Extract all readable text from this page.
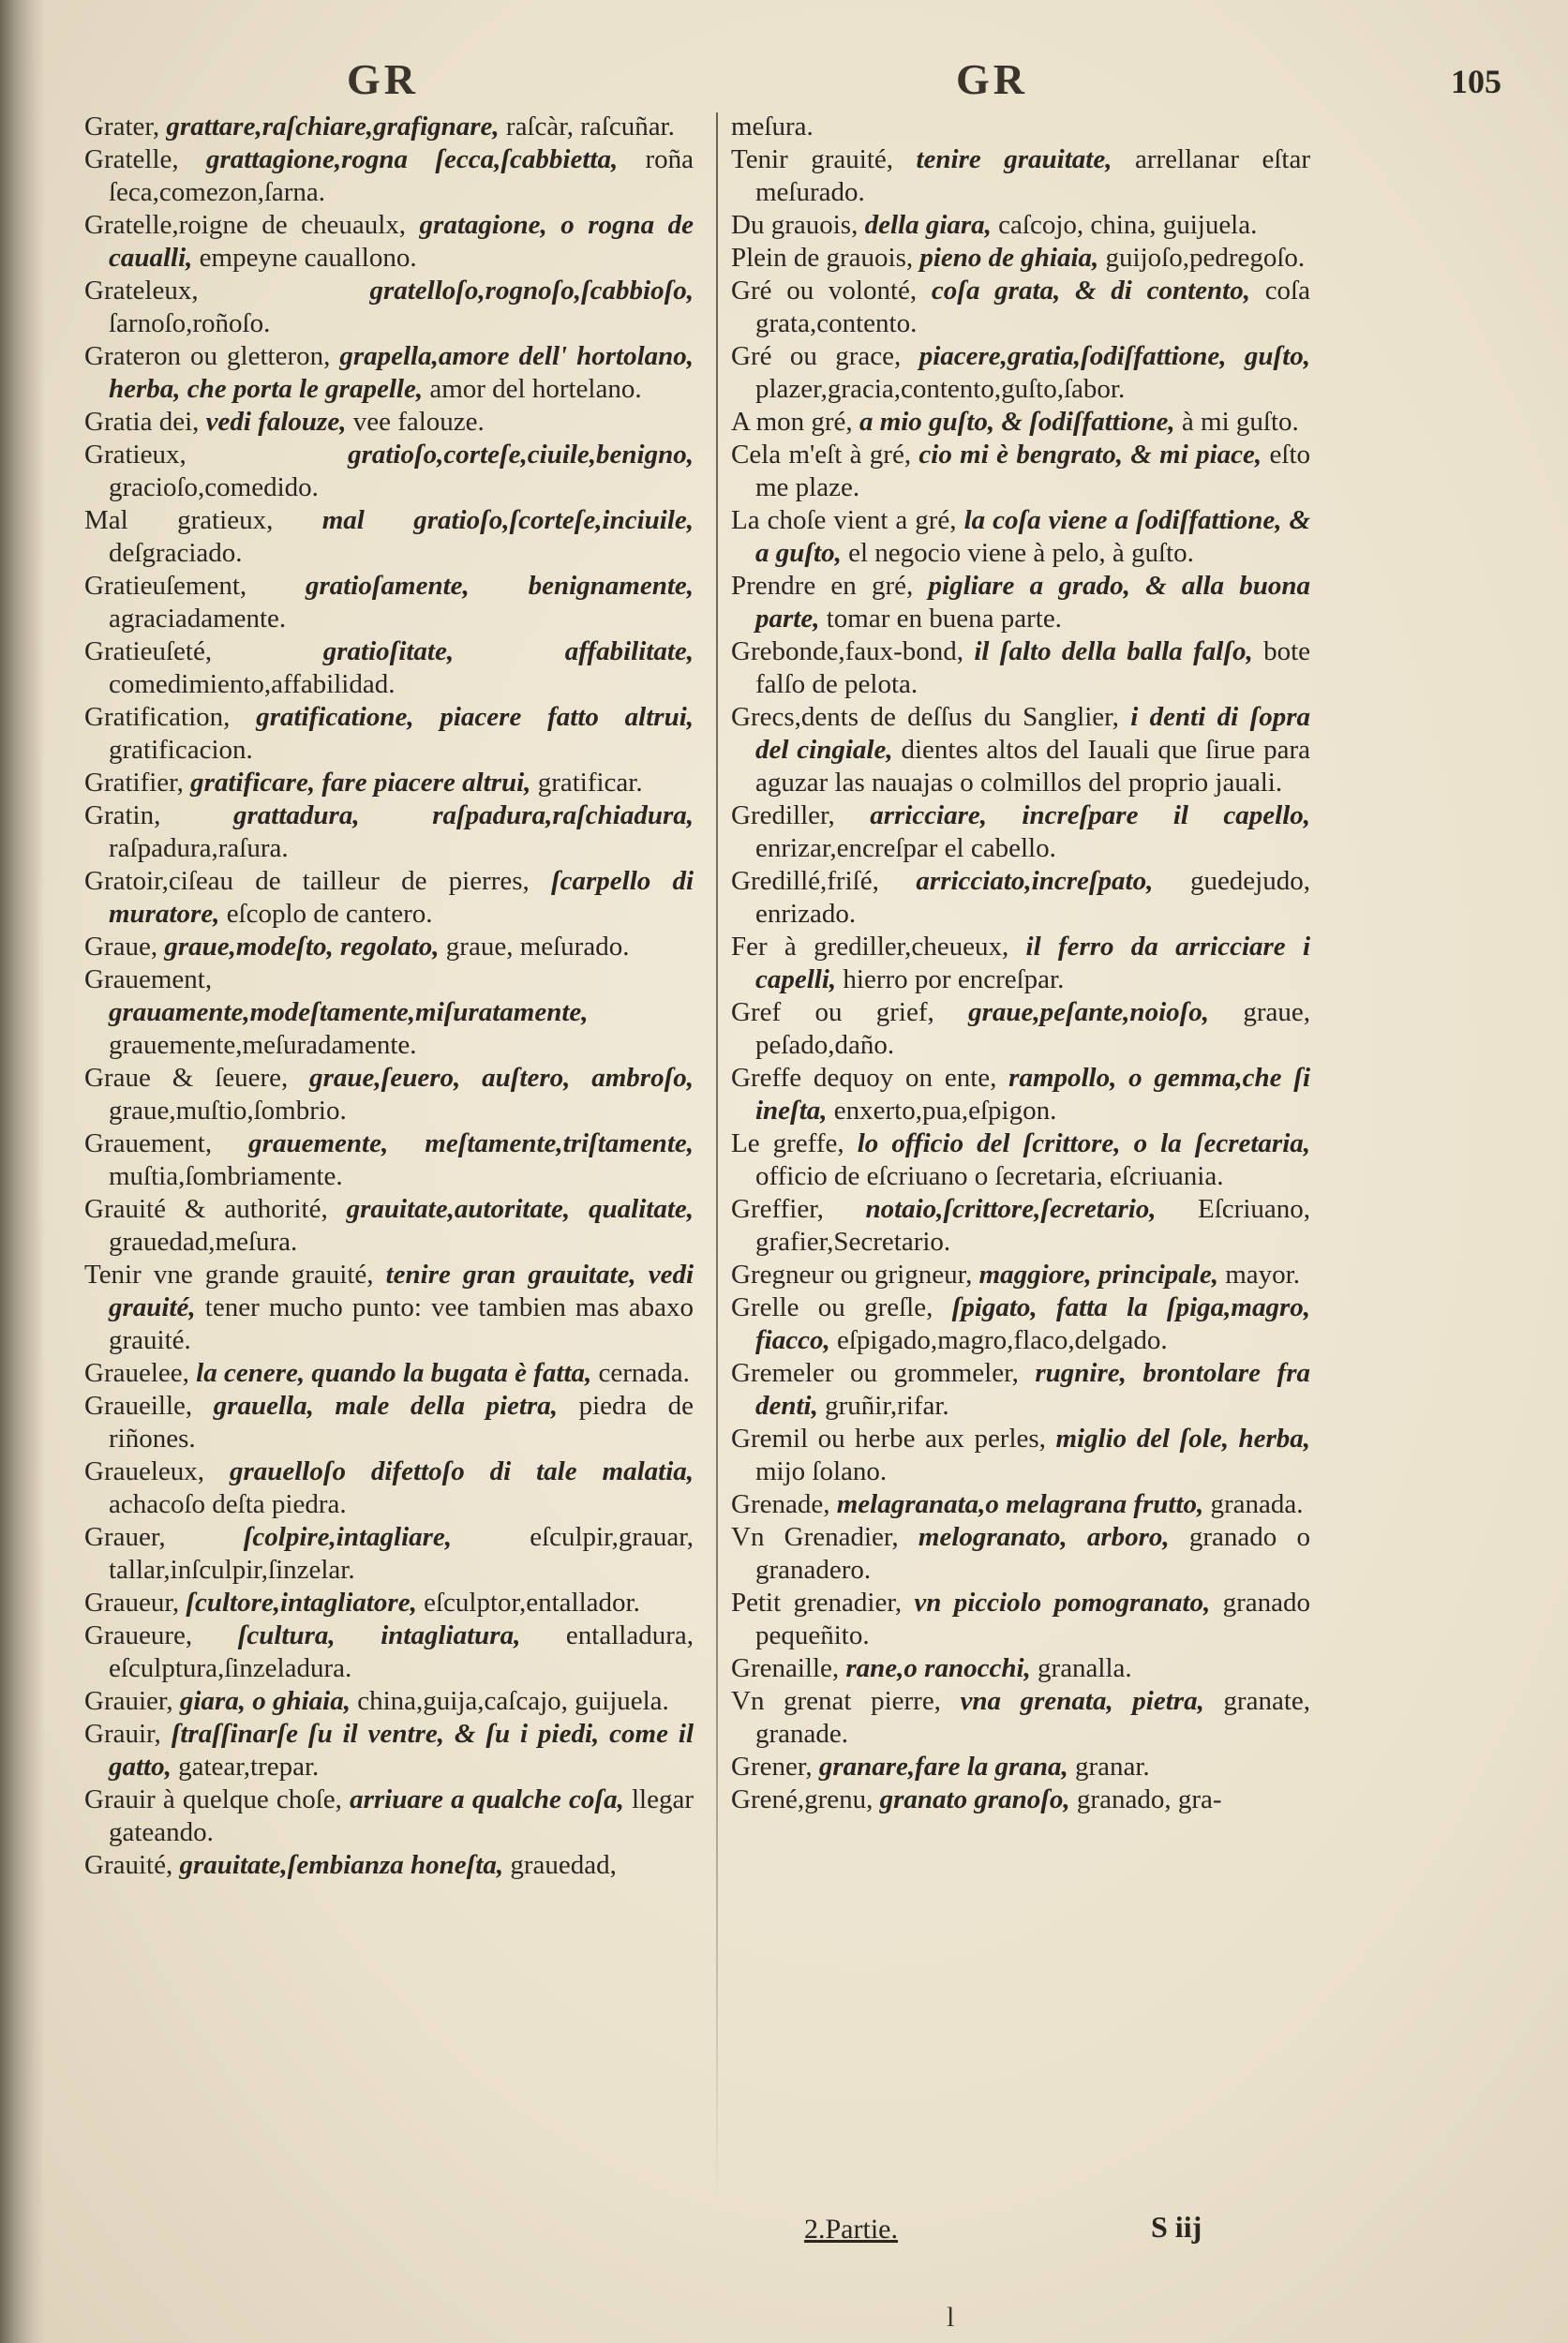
GR	GR	105

Grater, grattare,raſchiare,grafignare, raſcàr, raſcuñar.

Gratelle, grattagione,rogna ſecca,ſcabbietta, roña ſeca,comezon,ſarna.

Gratelle,roigne de cheuaulx, gratagione, o rogna de caualli, empeyne cauallono.

Grateleux,	gratelloſo,rognoſo,ſcabbioſo, ſarnoſo,roñoſo.

Grateron ou gletteron, grapella,amore dell' hortolano, herba, che porta le grapelle, amor del hortelano.

Gratia dei, vedi falouze, vee falouze.

Gratieux,	gratioſo,corteſe,ciuile,benigno, gracioſo,comedido.

Mal gratieux, mal gratioſo,ſcorteſe,inciuile, deſgraciado.

Gratieuſement, gratioſamente, benignamente, agraciadamente.

Gratieuſeté,	gratioſitate, affabilitate, comedimiento,affabilidad.

Gratification, gratificatione, piacere fatto altrui, gratificacion.

Gratifier, gratificare, fare piacere altrui, gratificar.

Gratin,	grattadura, raſpadura,raſchiadura, raſpadura,raſura.

Gratoir,ciſeau de tailleur de pierres, ſcarpello di muratore, eſcoplo de cantero.

Graue, graue,modeſto, regolato, graue, meſurado.

Grauement, grauamente,modeſtamente,miſuratamente, grauemente,meſuradamente.

Graue & ſeuere, graue,ſeuero, auſtero, ambroſo, graue,muſtio,ſombrio.

Grauement, grauemente, meſtamente,triſtamente, muſtia,ſombriamente.

Grauité & authorité, grauitate,autoritate, qualitate, grauedad,meſura.

Tenir vne grande grauité, tenire gran grauitate, vedi grauité, tener mucho punto: vee tambien mas abaxo grauité.

Grauelee, la cenere, quando la bugata è fatta, cernada.

Graueille, grauella, male della pietra, piedra de riñones.

Graueleux, grauelloſo difettoſo di tale malatia, achacoſo deſta piedra.

Grauer,	ſcolpire,intagliare,	eſculpir,grauar, tallar,inſculpir,ſinzelar.

Graueur, ſcultore,intagliatore, eſculptor,entallador.

Graueure, ſcultura, intagliatura, entalladura, eſculptura,ſinzeladura.

Grauier, giara, o ghiaia, china,guija,caſcajo, guijuela.

Grauir, ſtraſſinarſe ſu il ventre, & ſu i piedi, come il gatto, gatear,trepar.

Grauir à quelque choſe, arriuare a qualche coſa, llegar gateando.

Grauité, grauitate,ſembianza honeſta, grauedad,

meſura.

Tenir grauité, tenire grauitate, arrellanar eſtar meſurado.

Du grauois, della giara, caſcojo, china, guijuela.

Plein de grauois, pieno de ghiaia, guijoſo,pedregoſo.

Gré ou volonté, coſa grata, & di contento, coſa grata,contento.

Gré ou grace, piacere,gratia,ſodiſfattione, guſto, plazer,gracia,contento,guſto,ſabor.

A mon gré, a mio guſto, & ſodiſfattione, à mi guſto.

Cela m'eſt à gré, cio mi è bengrato, & mi piace, eſto me plaze.

La choſe vient a gré, la coſa viene a ſodiſfattione, & a guſto, el negocio viene à pelo, à guſto.

Prendre en gré, pigliare a grado, & alla buona parte, tomar en buena parte.

Grebonde,faux-bond, il ſalto della balla falſo, bote falſo de pelota.

Grecs,dents de deſſus du Sanglier, i denti di ſopra del cingiale, dientes altos del Iauali que ſirue para aguzar las nauajas o colmillos del proprio jauali.

Grediller, arricciare, increſpare il capello, enrizar,encreſpar el cabello.

Gredillé,friſé, arricciato,increſpato, guedejudo, enrizado.

Fer à grediller,cheueux, il ferro da arricciare i capelli, hierro por encreſpar.

Gref ou grief, graue,peſante,noioſo, graue, peſado,daño.

Greffe dequoy on ente, rampollo, o gemma,che ſi ineſta, enxerto,pua,eſpigon.

Le greffe, lo officio del ſcrittore, o la ſecretaria, officio de eſcriuano o ſecretaria, eſcriuania.

Greffier, notaio,ſcrittore,ſecretario, Eſcriuano, grafier,Secretario.

Gregneur ou grigneur, maggiore, principale, mayor.

Grelle ou greſle, ſpigato, fatta la ſpiga,magro, fiacco, eſpigado,magro,flaco,delgado.

Gremeler ou grommeler, rugnire, brontolare fra denti, gruñir,rifar.

Gremil ou herbe aux perles, miglio del ſole, herba, mijo ſolano.

Grenade, melagranata,o melagrana frutto, granada.

Vn Grenadier, melogranato, arboro, granado o granadero.

Petit grenadier, vn picciolo pomogranato, granado pequeñito.

Grenaille, rane,o ranocchi, granalla.

Vn grenat pierre, vna grenata, pietra, granate, granade.

Grener, granare,fare la grana, granar.

Grené,grenu, granato granoſo, granado, gra-

2.Partie.	S iij
l
